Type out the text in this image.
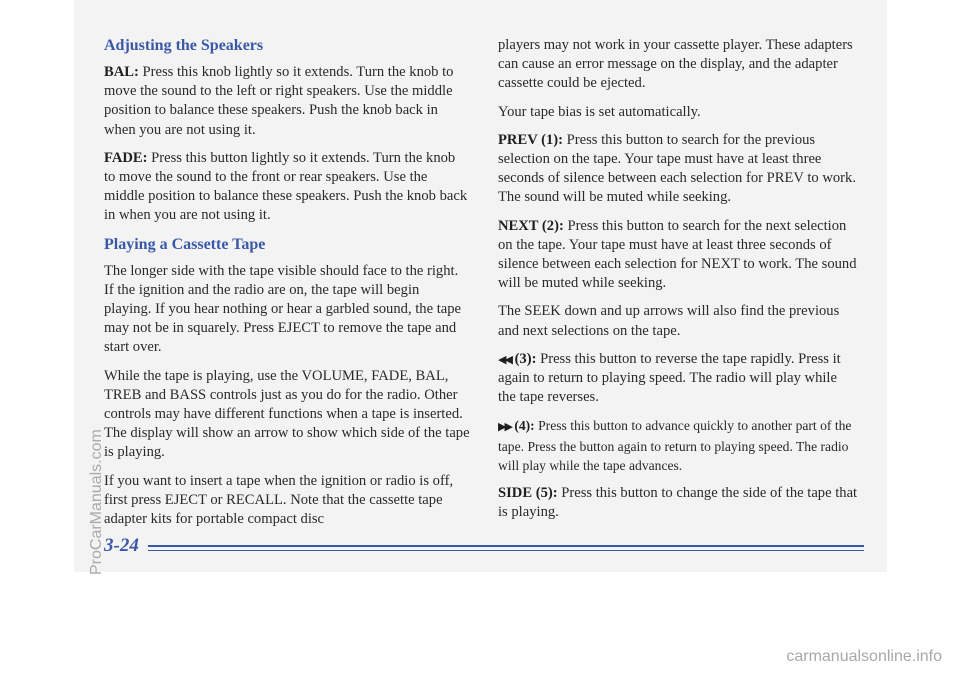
Adjusting the Speakers

BAL: Press this knob lightly so it extends. Turn the knob to move the sound to the left or right speakers. Use the middle position to balance these speakers. Push the knob back in when you are not using it.

FADE: Press this button lightly so it extends. Turn the knob to move the sound to the front or rear speakers. Use the middle position to balance these speakers. Push the knob back in when you are not using it.

Playing a Cassette Tape

The longer side with the tape visible should face to the right. If the ignition and the radio are on, the tape will begin playing. If you hear nothing or hear a garbled sound, the tape may not be in squarely. Press EJECT to remove the tape and start over.

While the tape is playing, use the VOLUME, FADE, BAL, TREB and BASS controls just as you do for the radio. Other controls may have different functions when a tape is inserted. The display will show an arrow to show which side of the tape is playing.

If you want to insert a tape when the ignition or radio is off, first press EJECT or RECALL. Note that the cassette tape adapter kits for portable compact disc

players may not work in your cassette player. These adapters can cause an error message on the display, and the adapter cassette could be ejected.

Your tape bias is set automatically.

PREV (1): Press this button to search for the previous selection on the tape. Your tape must have at least three seconds of silence between each selection for PREV to work. The sound will be muted while seeking.

NEXT (2): Press this button to search for the next selection on the tape. Your tape must have at least three seconds of silence between each selection for NEXT to work. The sound will be muted while seeking.

The SEEK down and up arrows will also find the previous and next selections on the tape.

◀◀ (3): Press this button to reverse the tape rapidly. Press it again to return to playing speed. The radio will play while the tape reverses.

▶▶ (4): Press this button to advance quickly to another part of the tape. Press the button again to return to playing speed. The radio will play while the tape advances.

SIDE (5): Press this button to change the side of the tape that is playing.

3-24
ProCarManuals.com
carmanualsonline.info
